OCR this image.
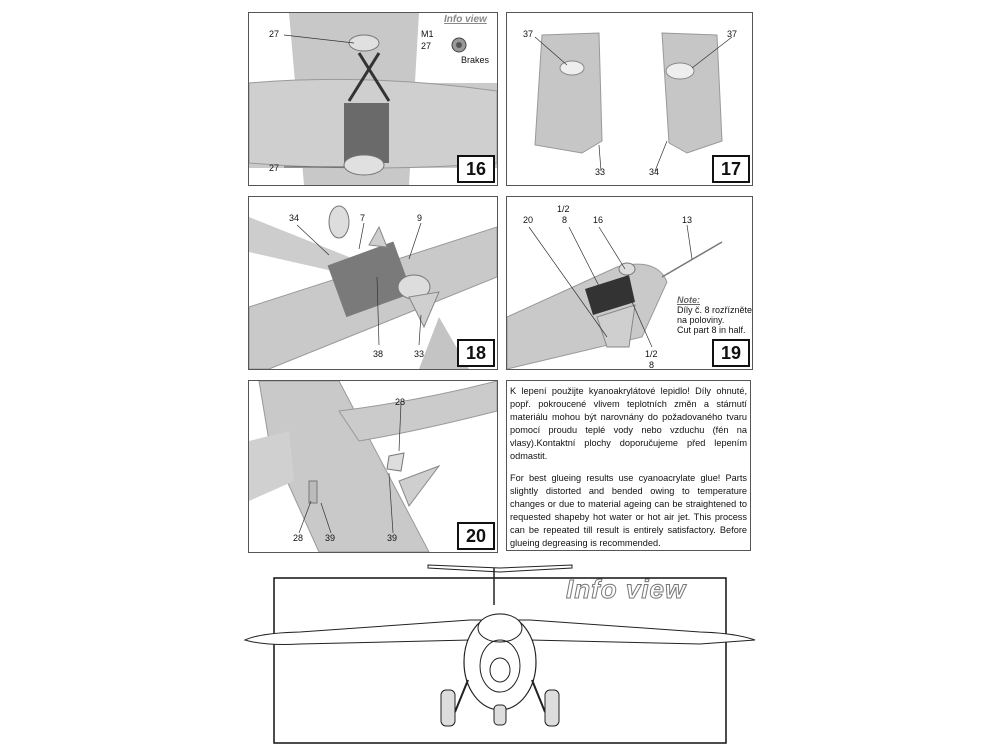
27
27
Info view
M1
27
Brakes
16
37	37
33	34	17
34	7	9
38	33	18
20
1/2
8	16	13
1/2
8
Note:
Díly č. 8 rozřízněte
na poloviny.
Cut part 8 in half.
19
28
28 39	39	20

K lepení použijte kyanoakrylátové lepidlo! Díly ohnuté, popř. pokroucené vlivem teplotních změn a stárnutí materiálu mohou být narovnány do požadovaného tvaru pomocí proudu teplé vody nebo vzduchu (fén na vlasy).Kontaktní plochy doporučujeme před lepením odmastit.

For best glueing results use cyanoacrylate glue! Parts slightly distorted and bended owing to temperature changes or due to material ageing can be straightened to requested shapeby hot water or hot air jet. This process can be repeated till result is entirely satisfactory. Before glueing degreasing is recommended.

Info view
